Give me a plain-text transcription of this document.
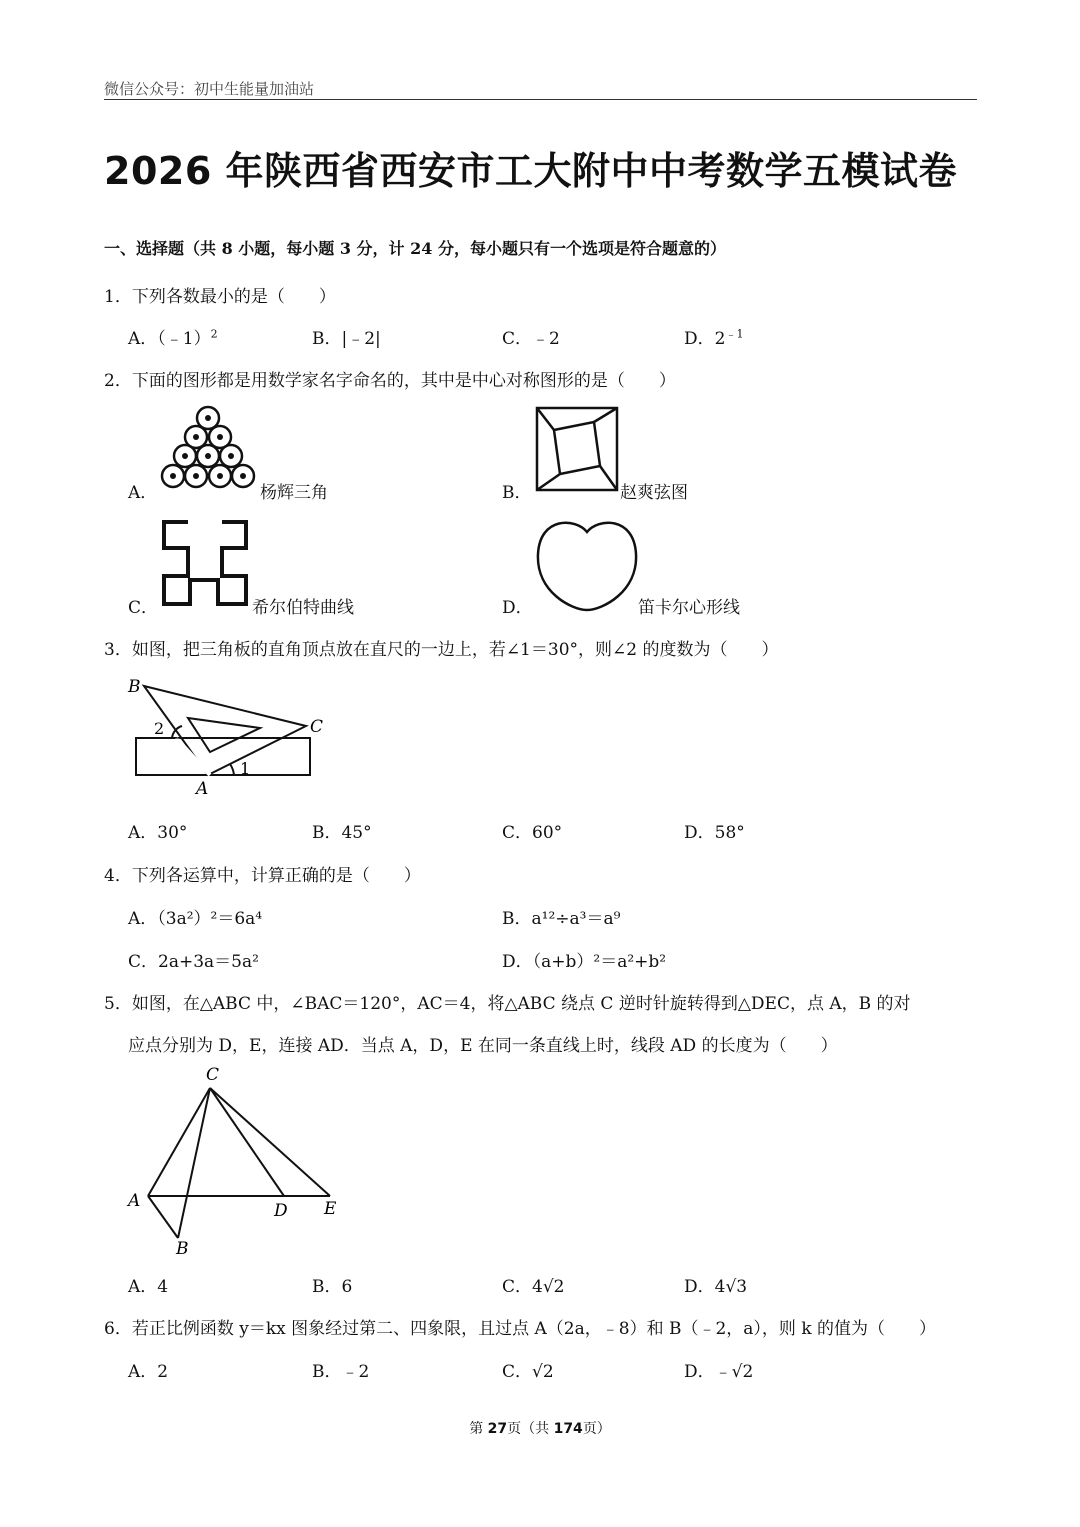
微信公众号：初中生能量加油站
2026 年陕西省西安市工大附中中考数学五模试卷
一、选择题（共 8 小题，每小题 3 分，计 24 分，每小题只有一个选项是符合题意的）
1．下列各数最小的是（　　）
A．（﹣1）$^2$	B．|﹣2|	C．﹣2	D．$2^{﹣1}$
2．下面的图形都是用数学家名字命名的，其中是中心对称图形的是（　　）
A．	杨辉三角	B．	赵爽弦图
C．	希尔伯特曲线	D．	笛卡尔心形线
3．如图，把三角板的直角顶点放在直尺的一边上，若∠1＝30°，则∠2 的度数为（　　）
B
C
A
1
2
A．30°	B．45°	C．60°	D．58°
4．下列各运算中，计算正确的是（　　）
A．（3a²）²＝6a⁴	B．a¹²÷a³＝a⁹
C．2a+3a＝5a²	D．（a+b）²＝a²+b²
5．如图，在△ABC 中，∠BAC＝120°，AC＝4，将△ABC 绕点 C 逆时针旋转得到△DEC，点 A，B 的对
应点分别为 D，E，连接 AD．当点 A，D，E 在同一条直线上时，线段 AD 的长度为（　　）
C
A
B
D E
A．4	B．6	C．4√2	D．4√3
6．若正比例函数 y＝kx 图象经过第二、四象限，且过点 A（2a，﹣8）和 B（﹣2，a），则 k 的值为（　　）
A．2	B．﹣2	C．√2	D．﹣√2
第 27页（共 174页）
